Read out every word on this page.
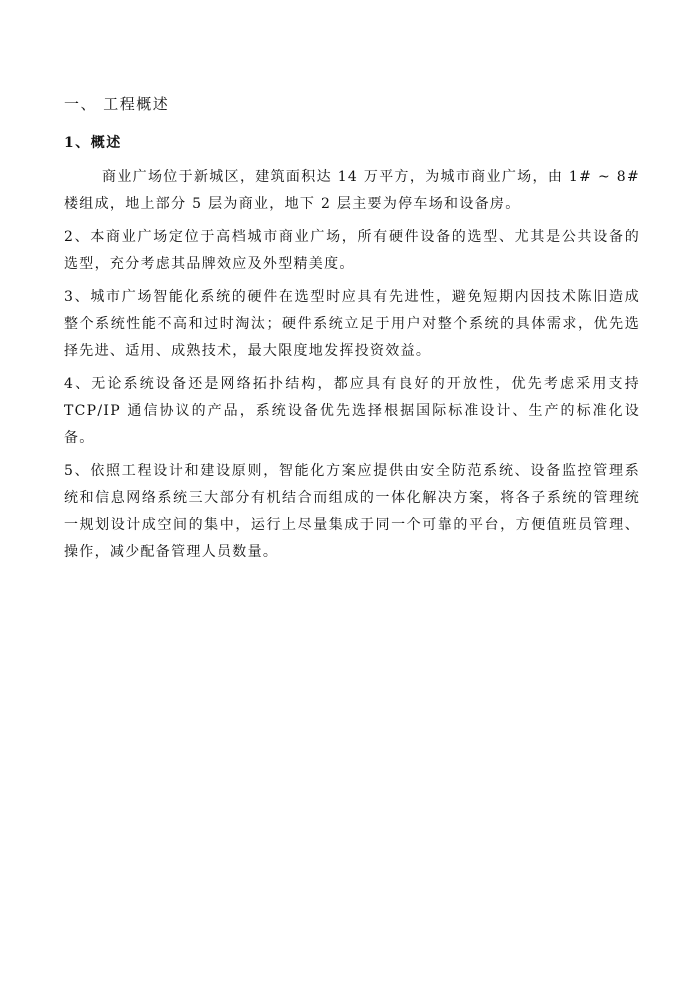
一、 工程概述
1、概述

商业广场位于新城区，建筑面积达 14 万平方，为城市商业广场，由 1# ~ 8#楼组成，地上部分 5 层为商业，地下 2 层主要为停车场和设备房。

2、本商业广场定位于高档城市商业广场，所有硬件设备的选型、尤其是公共设备的选型，充分考虑其品牌效应及外型精美度。

3、城市广场智能化系统的硬件在选型时应具有先进性，避免短期内因技术陈旧造成整个系统性能不高和过时淘汰；硬件系统立足于用户对整个系统的具体需求，优先选择先进、适用、成熟技术，最大限度地发挥投资效益。

4、无论系统设备还是网络拓扑结构，都应具有良好的开放性，优先考虑采用支持 TCP/IP 通信协议的产品，系统设备优先选择根据国际标准设计、生产的标准化设备。

5、依照工程设计和建设原则，智能化方案应提供由安全防范系统、设备监控管理系统和信息网络系统三大部分有机结合而组成的一体化解决方案，将各子系统的管理统一规划设计成空间的集中，运行上尽量集成于同一个可靠的平台，方便值班员管理、操作，减少配备管理人员数量。
